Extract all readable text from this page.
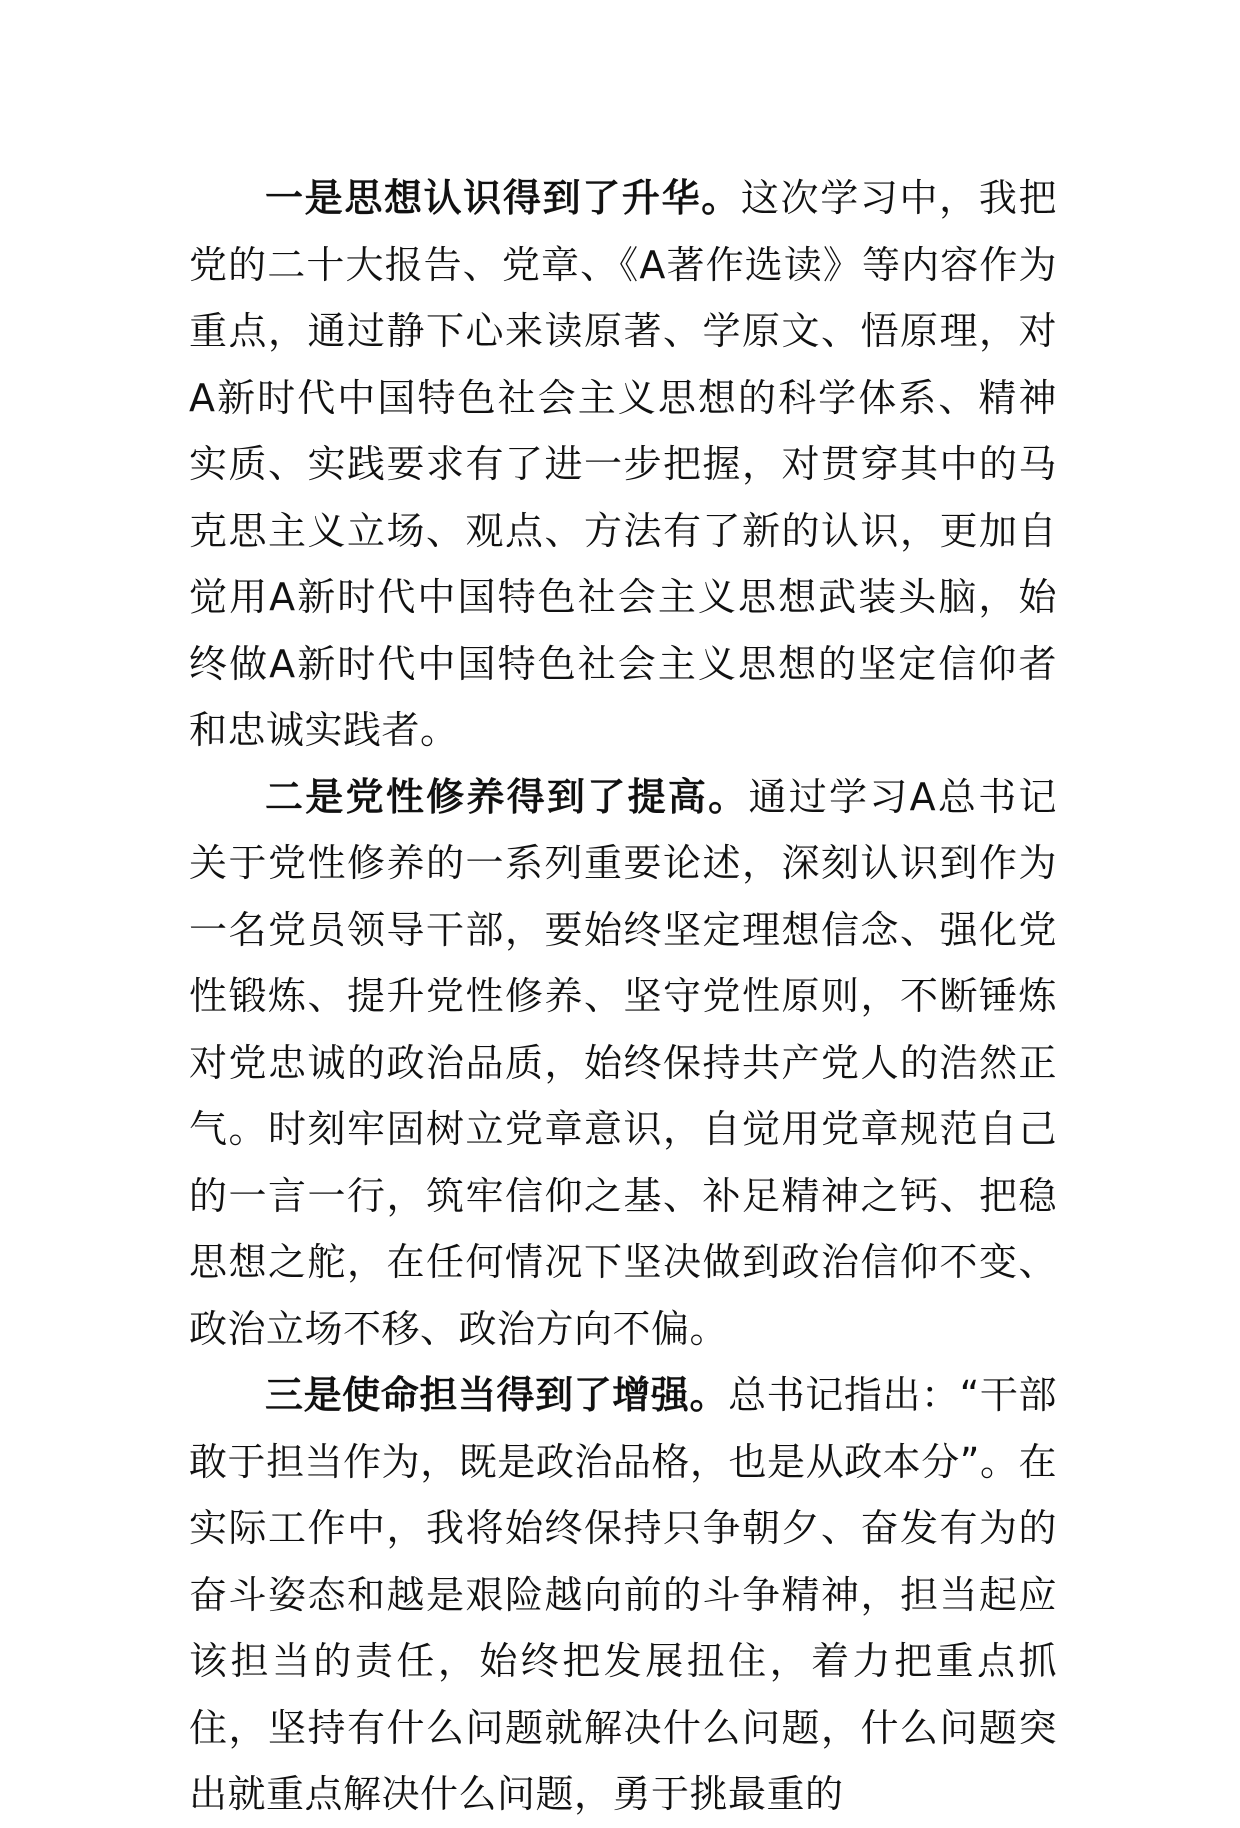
一是思想认识得到了升华。这次学习中，我把党的二十大报告、党章、《A著作选读》等内容作为重点，通过静下心来读原著、学原文、悟原理，对A新时代中国特色社会主义思想的科学体系、精神实质、实践要求有了进一步把握，对贯穿其中的马克思主义立场、观点、方法有了新的认识，更加自觉用A新时代中国特色社会主义思想武装头脑，始终做A新时代中国特色社会主义思想的坚定信仰者和忠诚实践者。

二是党性修养得到了提高。通过学习A总书记关于党性修养的一系列重要论述，深刻认识到作为一名党员领导干部，要始终坚定理想信念、强化党性锻炼、提升党性修养、坚守党性原则，不断锤炼对党忠诚的政治品质，始终保持共产党人的浩然正气。时刻牢固树立党章意识，自觉用党章规范自己的一言一行，筑牢信仰之基、补足精神之钙、把稳思想之舵，在任何情况下坚决做到政治信仰不变、政治立场不移、政治方向不偏。

三是使命担当得到了增强。总书记指出：“干部敢于担当作为，既是政治品格，也是从政本分”。在实际工作中，我将始终保持只争朝夕、奋发有为的奋斗姿态和越是艰险越向前的斗争精神，担当起应该担当的责任，始终把发展扭住，着力把重点抓住，坚持有什么问题就解决什么问题，什么问题突出就重点解决什么问题，勇于挑最重的
